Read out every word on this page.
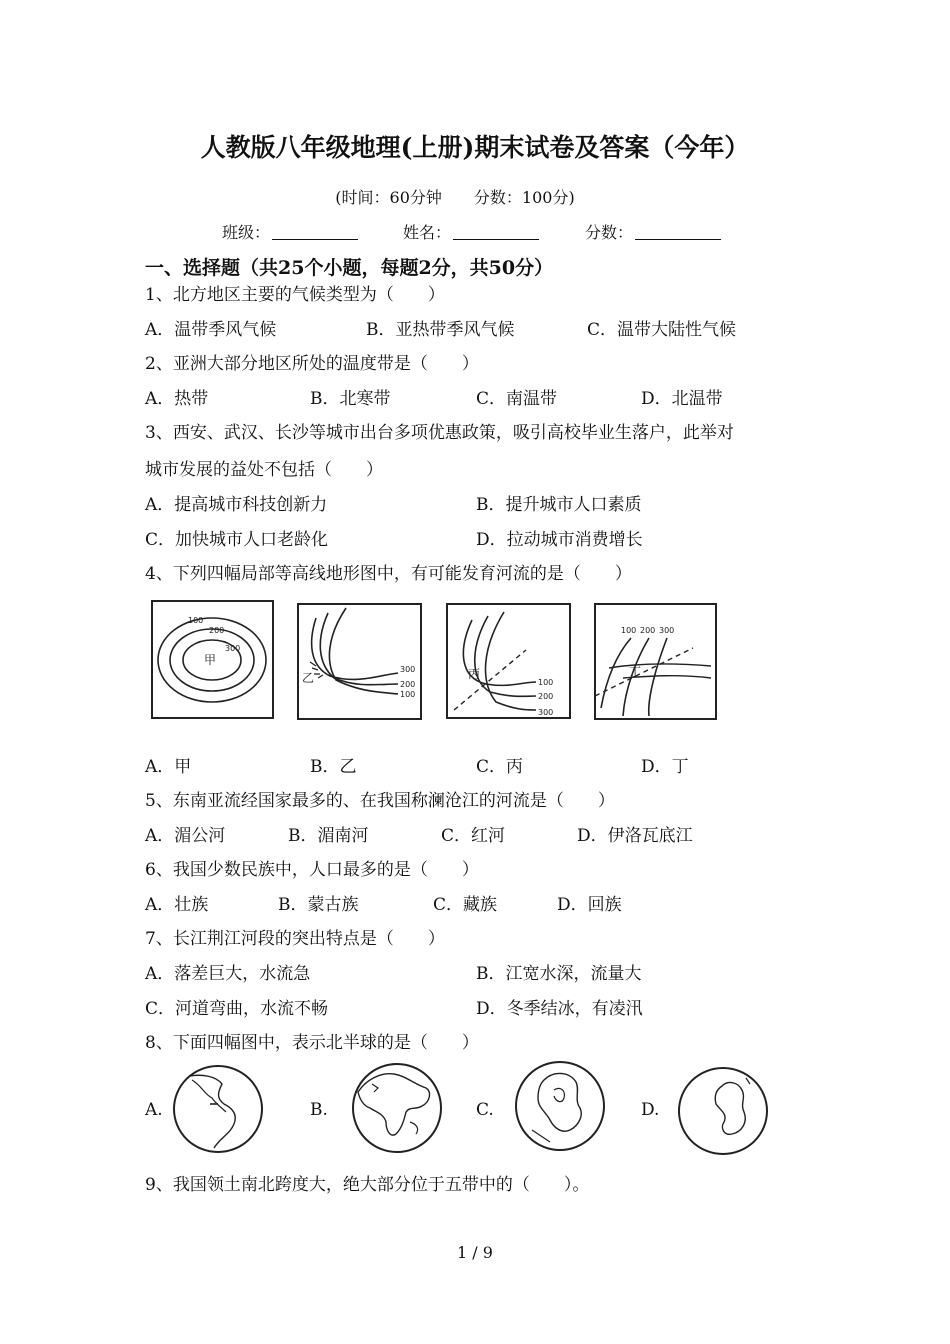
人教版八年级地理(上册)期末试卷及答案（今年）
(时间：60分钟　　分数：100分)
班级：	姓名：	分数：
一、选择题（共25个小题，每题2分，共50分）
1、北方地区主要的气候类型为（　　）
A．温带季风气候	B．亚热带季风气候	C．温带大陆性气候
2、亚洲大部分地区所处的温度带是（　　）
A．热带	B．北寒带	C．南温带	D．北温带
3、西安、武汉、长沙等城市出台多项优惠政策，吸引高校毕业生落户，此举对
城市发展的益处不包括（　　）
A．提高城市科技创新力	B．提升城市人口素质
C．加快城市人口老龄化	D．拉动城市消费增长
4、下列四幅局部等高线地形图中，有可能发育河流的是（　　）
100
200
300
甲
300
200
100
乙	100
200
300
丙
100 200 300
丁
A．甲	B．乙	C．丙	D．丁
5、东南亚流经国家最多的、在我国称澜沧江的河流是（　　）
A．湄公河	B．湄南河	C．红河	D．伊洛瓦底江
6、我国少数民族中，人口最多的是（　　）
A．壮族	B．蒙古族	C．藏族	D．回族
7、长江荆江河段的突出特点是（　　）
A．落差巨大，水流急	B．江宽水深，流量大
C．河道弯曲，水流不畅	D．冬季结冰，有凌汛
8、下面四幅图中，表示北半球的是（　　）
A.	B.	C.	D.
9、我国领土南北跨度大，绝大部分位于五带中的（　　）。
1 / 9
